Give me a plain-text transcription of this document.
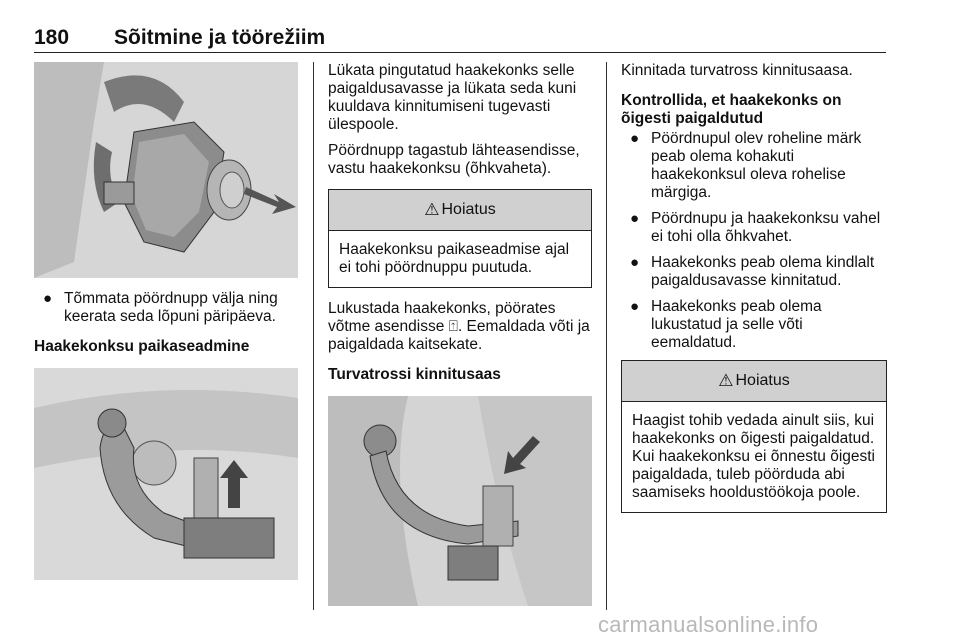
180 Sõitmine ja töörežiim
● Tõmmata pöördnupp välja ning keerata seda lõpuni päripäeva.

Haakekonksu paikaseadmine

Lükata pingutatud haakekonks selle paigaldusavasse ja lükata seda kuni kuuldava kinnitumiseni tugevasti ülespoole.

Pöördnupp tagastub lähteasendisse, vastu haakekonksu (õhkvaheta).

⚠ Hoiatus
Haakekonksu paikaseadmise ajal ei tohi pöördnuppu puutuda.

Lukustada haakekonks, pöörates võtme asendisse ⍐. Eemaldada võti ja paigaldada kaitsekate.

Turvatrossi kinnitusaas

Kinnitada turvatross kinnitusaasa.

Kontrollida, et haakekonks on õigesti paigaldutud

● Pöördnupul olev roheline märk peab olema kohakuti haakekonksul oleva rohelise märgiga.
● Pöördnupu ja haakekonksu vahel ei tohi olla õhkvahet.
● Haakekonks peab olema kindlalt paigaldusavasse kinnitatud.
● Haakekonks peab olema lukustatud ja selle võti eemaldatud.
⚠ Hoiatus
Haagist tohib vedada ainult siis, kui haakekonks on õigesti paigaldatud. Kui haakekonksu ei õnnestu õigesti paigaldada, tuleb pöörduda abi saamiseks hooldustöökoja poole.
carmanualsonline.info
